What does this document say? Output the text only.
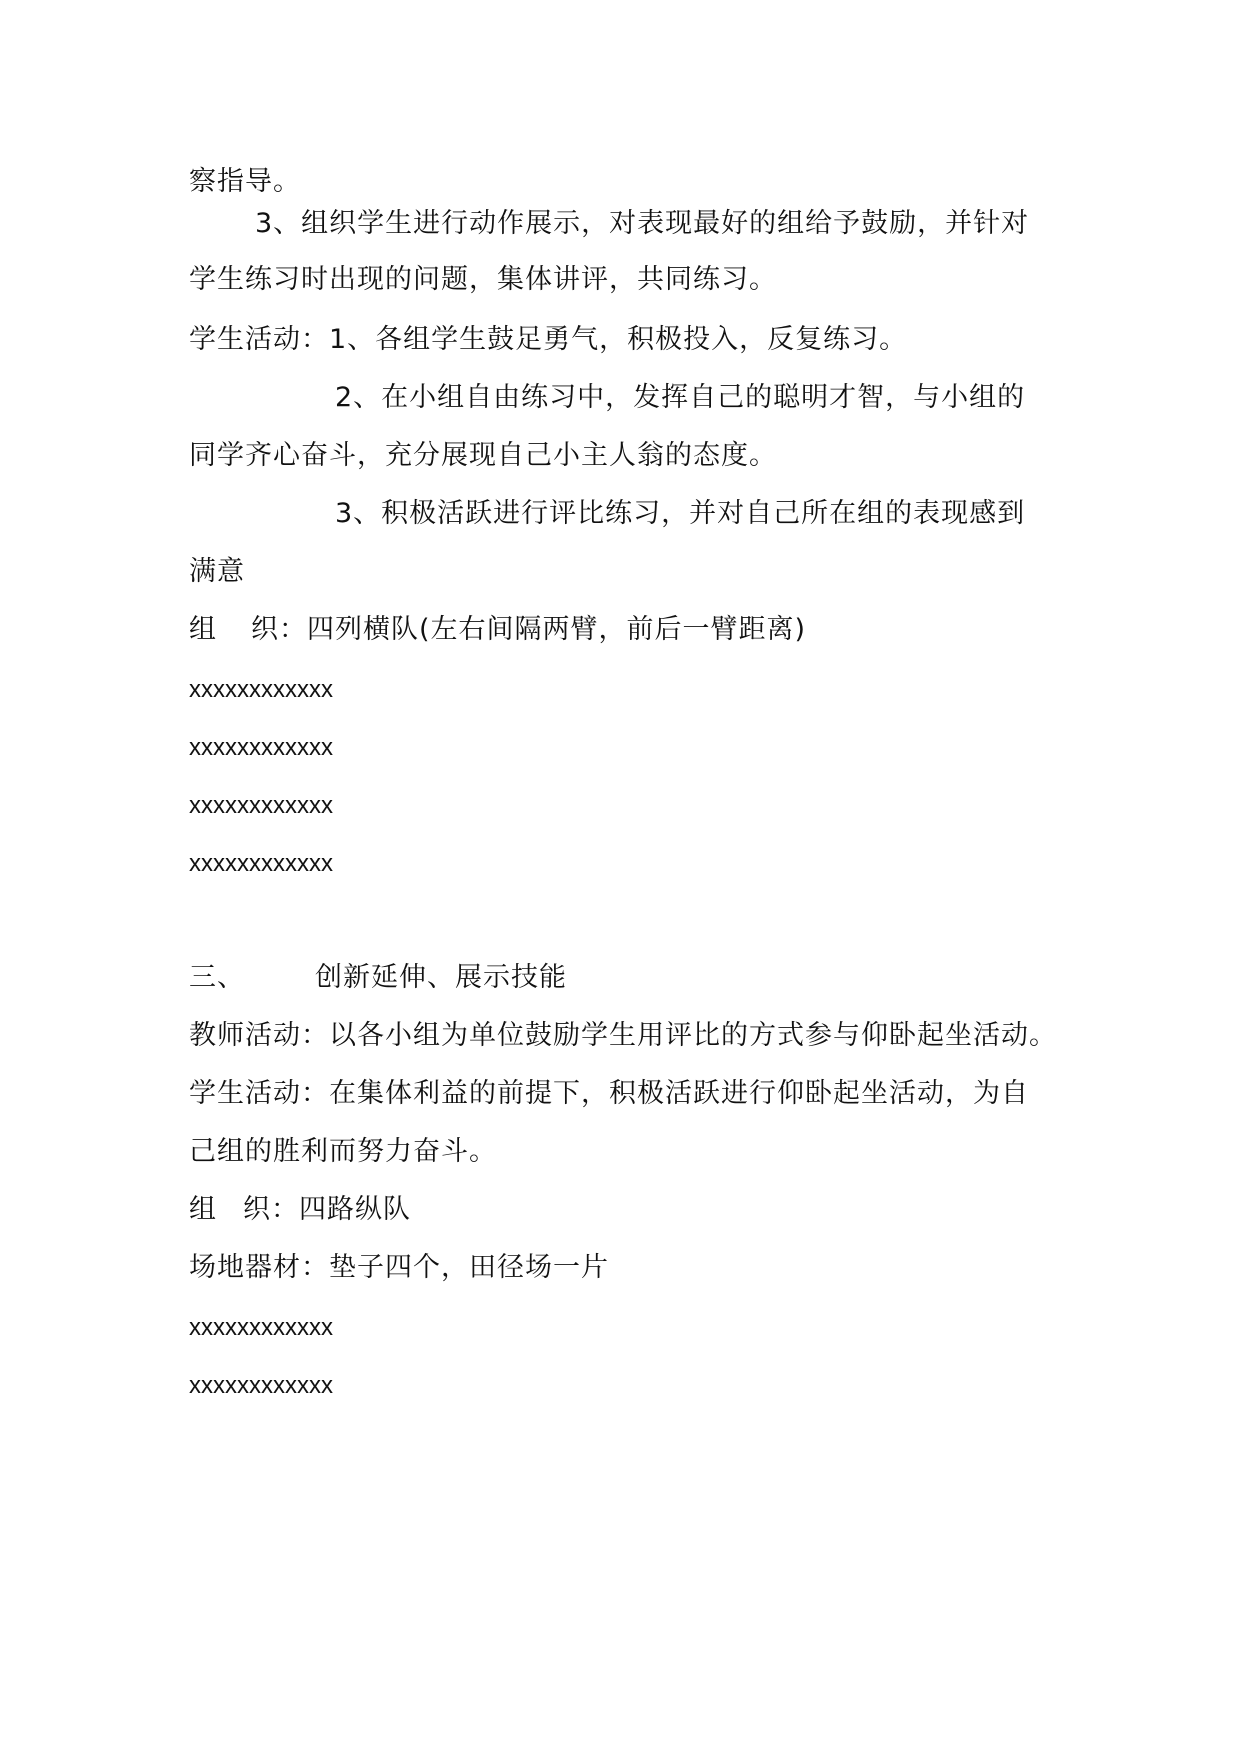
察指导。
3、组织学生进行动作展示，对表现最好的组给予鼓励，并针对
学生练习时出现的问题，集体讲评，共同练习。
学生活动：1、各组学生鼓足勇气，积极投入，反复练习。
2、在小组自由练习中，发挥自己的聪明才智，与小组的
同学齐心奋斗，充分展现自己小主人翁的态度。
3、积极活跃进行评比练习，并对自己所在组的表现感到
满意
组 织：四列横队(左右间隔两臂，前后一臂距离)
xxxxxxxxxxxx
xxxxxxxxxxxx
xxxxxxxxxxxx
xxxxxxxxxxxx
三、	创新延伸、展示技能
教师活动：以各小组为单位鼓励学生用评比的方式参与仰卧起坐活动。
学生活动：在集体利益的前提下，积极活跃进行仰卧起坐活动，为自
己组的胜利而努力奋斗。
组 织：四路纵队
场地器材：垫子四个，田径场一片
xxxxxxxxxxxx
xxxxxxxxxxxx
